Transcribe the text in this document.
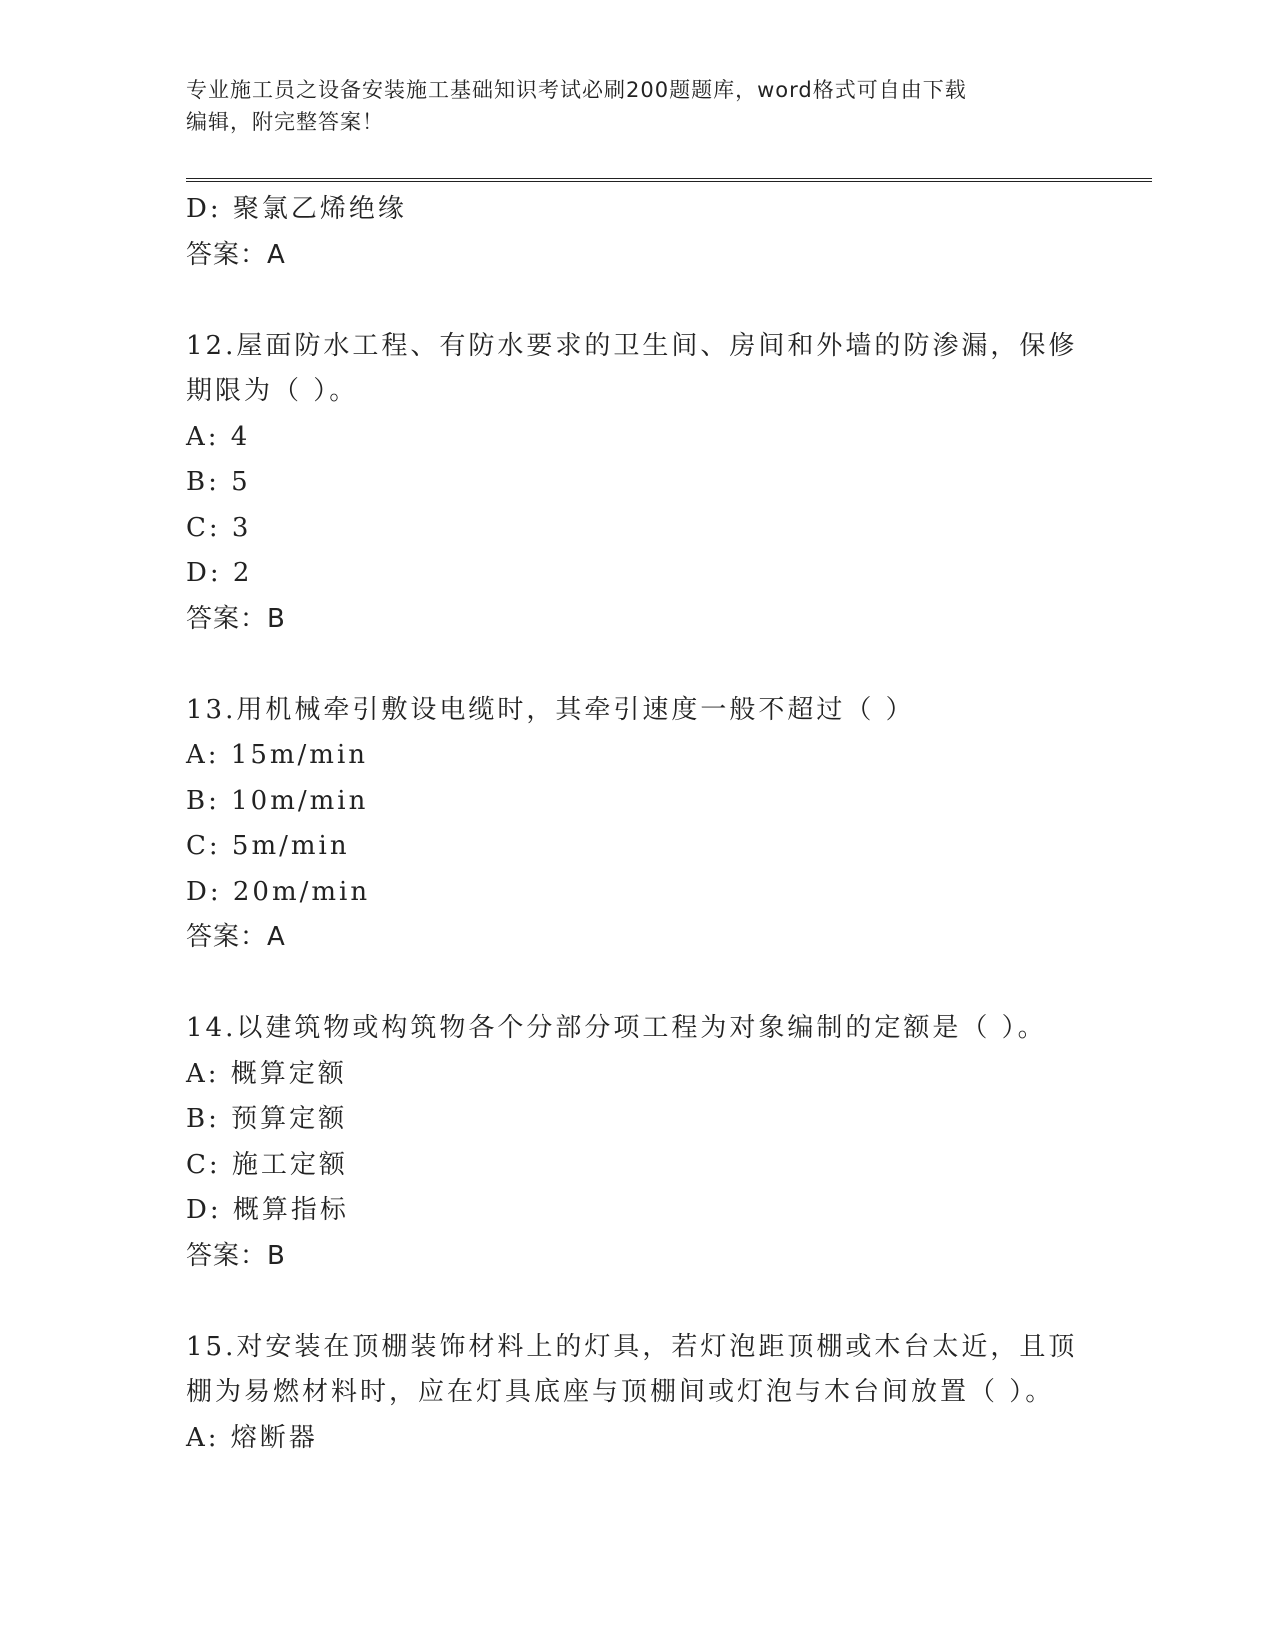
专业施工员之设备安装施工基础知识考试必刷200题题库，word格式可自由下载
编辑，附完整答案！
D: 聚氯乙烯绝缘
答案：A
12.屋面防水工程、有防水要求的卫生间、房间和外墙的防渗漏，保修
期限为（ ）。
A: 4
B: 5
C: 3
D: 2
答案：B
13.用机械牵引敷设电缆时，其牵引速度一般不超过（ ）
A: 15m/min
B: 10m/min
C: 5m/min
D: 20m/min
答案：A
14.以建筑物或构筑物各个分部分项工程为对象编制的定额是（ ）。
A: 概算定额
B: 预算定额
C: 施工定额
D: 概算指标
答案：B
15.对安装在顶棚装饰材料上的灯具，若灯泡距顶棚或木台太近，且顶
棚为易燃材料时，应在灯具底座与顶棚间或灯泡与木台间放置（ ）。
A: 熔断器
